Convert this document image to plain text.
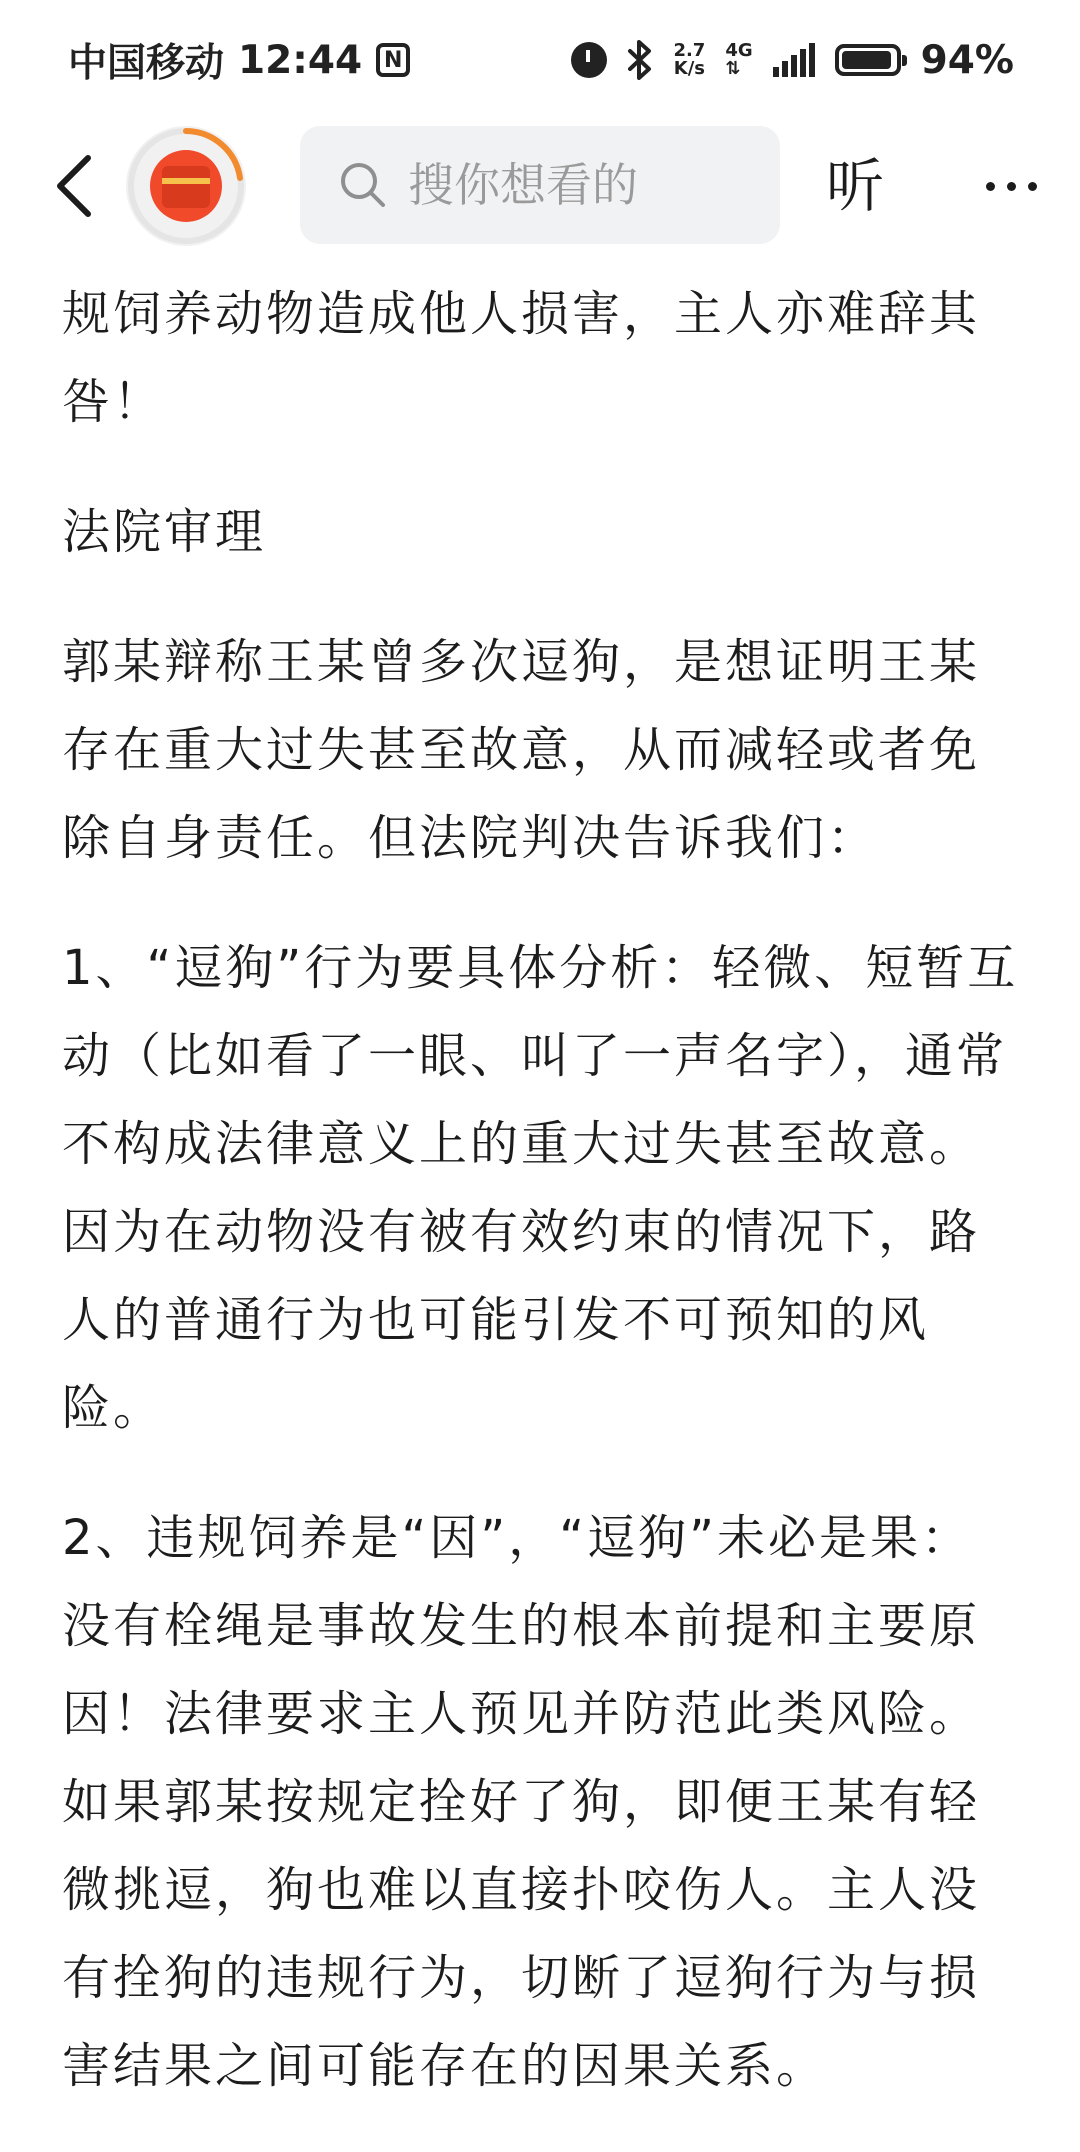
中国移动 12:44 N	2.7
K/s
4G
⇅	94%
搜你想看的
听

规饲养动物造成他人损害，主人亦难辞其咎！

法院审理

郭某辩称王某曾多次逗狗，是想证明王某存在重大过失甚至故意，从而减轻或者免除自身责任。但法院判决告诉我们：

1、“逗狗”行为要具体分析：轻微、短暂互动（比如看了一眼、叫了一声名字），通常不构成法律意义上的重大过失甚至故意。因为在动物没有被有效约束的情况下，路人的普通行为也可能引发不可预知的风险。

2、违规饲养是“因”，“逗狗”未必是果：没有栓绳是事故发生的根本前提和主要原因！法律要求主人预见并防范此类风险。如果郭某按规定拴好了狗，即便王某有轻微挑逗，狗也难以直接扑咬伤人。主人没有拴狗的违规行为，切断了逗狗行为与损害结果之间可能存在的因果关系。
